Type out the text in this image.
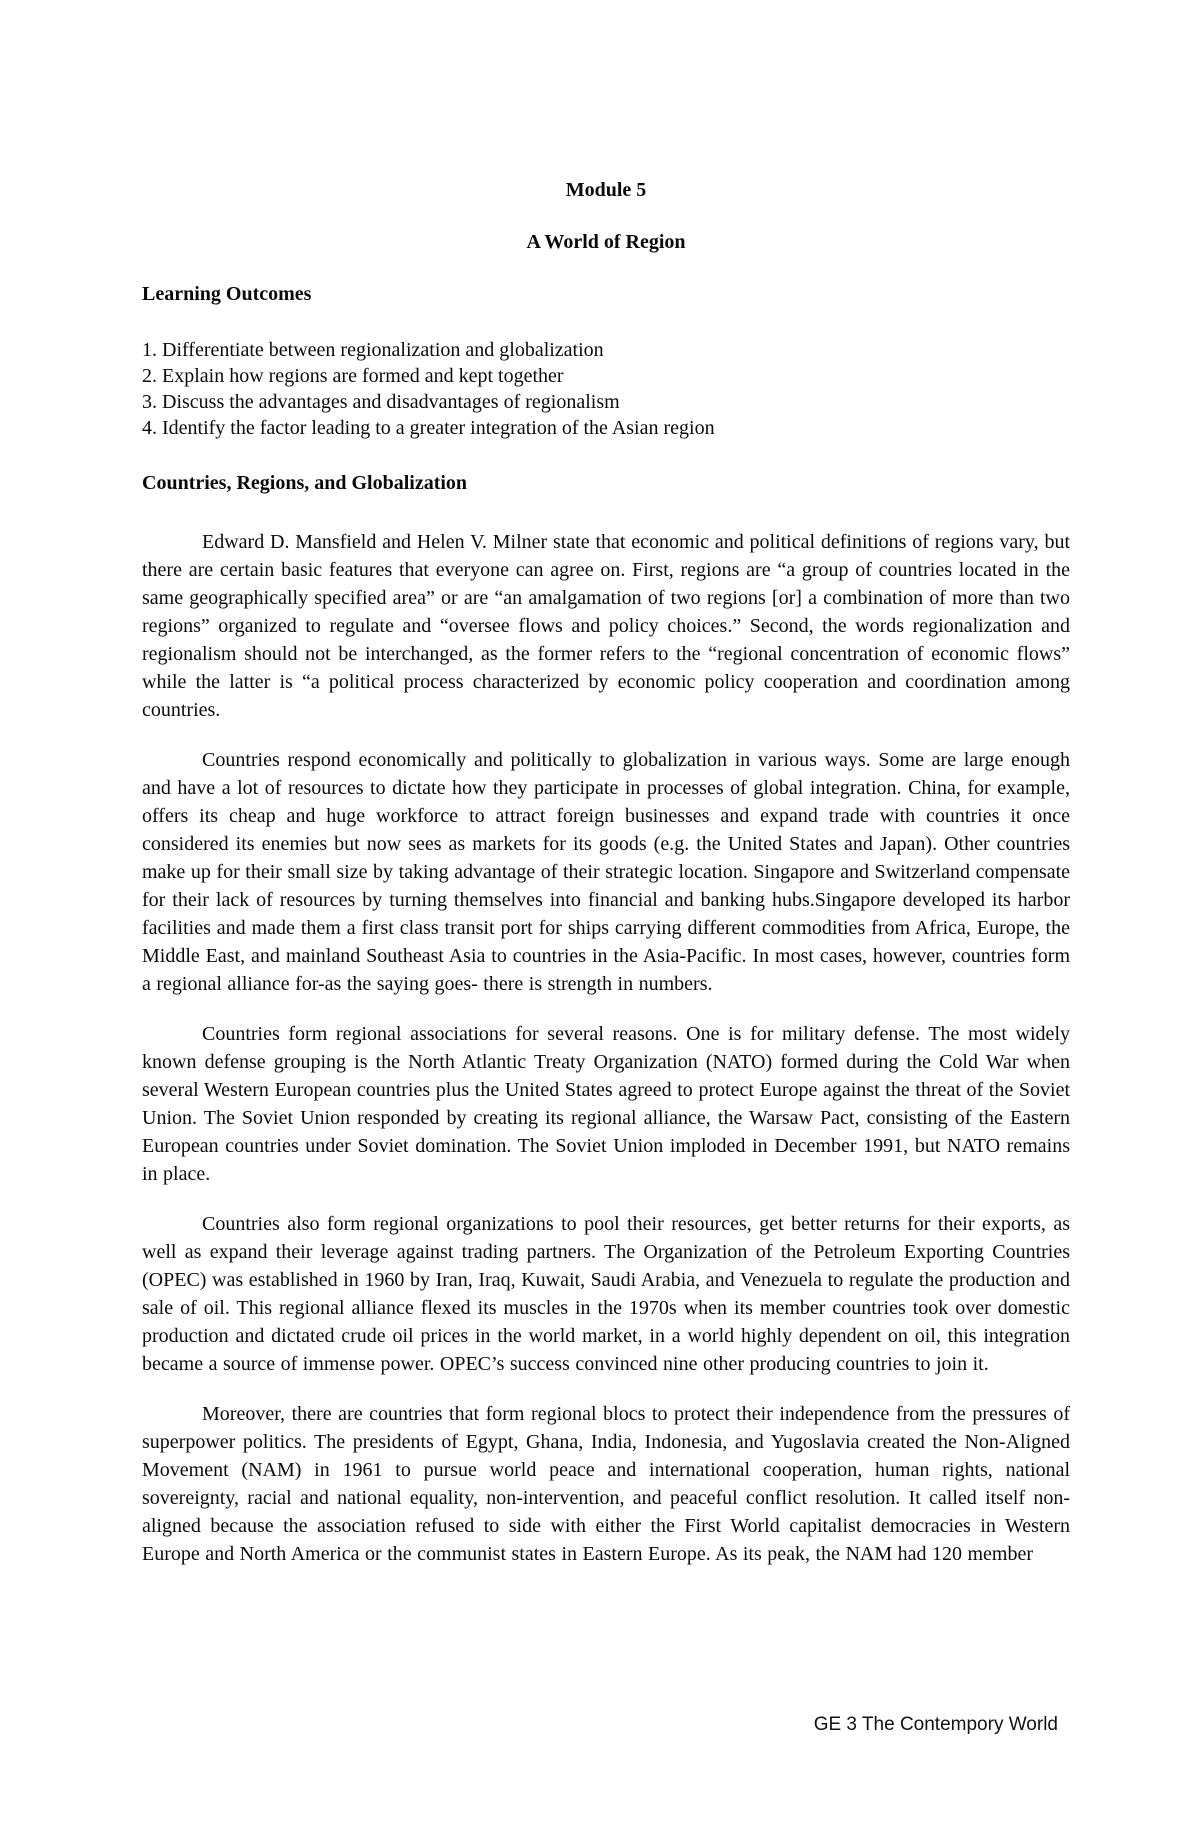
Module 5
A World of Region
Learning Outcomes
1. Differentiate between regionalization and globalization
2. Explain how regions are formed and kept together
3. Discuss the advantages and disadvantages of regionalism
4. Identify the factor leading to a greater integration of the Asian region
Countries, Regions, and Globalization

Edward D. Mansfield and Helen V. Milner state that economic and political definitions of regions vary, but there are certain basic features that everyone can agree on. First, regions are “a group of countries located in the same geographically specified area” or are “an amalgamation of two regions [or] a combination of more than two regions” organized to regulate and “oversee flows and policy choices.” Second, the words regionalization and regionalism should not be interchanged, as the former refers to the “regional concentration of economic flows” while the latter is “a political process characterized by economic policy cooperation and coordination among countries.

Countries respond economically and politically to globalization in various ways. Some are large enough and have a lot of resources to dictate how they participate in processes of global integration. China, for example, offers its cheap and huge workforce to attract foreign businesses and expand trade with countries it once considered its enemies but now sees as markets for its goods (e.g. the United States and Japan). Other countries make up for their small size by taking advantage of their strategic location. Singapore and Switzerland compensate for their lack of resources by turning themselves into financial and banking hubs.Singapore developed its harbor facilities and made them a first class transit port for ships carrying different commodities from Africa, Europe, the Middle East, and mainland Southeast Asia to countries in the Asia-Pacific. In most cases, however, countries form a regional alliance for-as the saying goes- there is strength in numbers.

Countries form regional associations for several reasons. One is for military defense. The most widely known defense grouping is the North Atlantic Treaty Organization (NATO) formed during the Cold War when several Western European countries plus the United States agreed to protect Europe against the threat of the Soviet Union. The Soviet Union responded by creating its regional alliance, the Warsaw Pact, consisting of the Eastern European countries under Soviet domination. The Soviet Union imploded in December 1991, but NATO remains in place.

Countries also form regional organizations to pool their resources, get better returns for their exports, as well as expand their leverage against trading partners. The Organization of the Petroleum Exporting Countries (OPEC) was established in 1960 by Iran, Iraq, Kuwait, Saudi Arabia, and Venezuela to regulate the production and sale of oil. This regional alliance flexed its muscles in the 1970s when its member countries took over domestic production and dictated crude oil prices in the world market, in a world highly dependent on oil, this integration became a source of immense power. OPEC’s success convinced nine other producing countries to join it.

Moreover, there are countries that form regional blocs to protect their independence from the pressures of superpower politics. The presidents of Egypt, Ghana, India, Indonesia, and Yugoslavia created the Non-Aligned Movement (NAM) in 1961 to pursue world peace and international cooperation, human rights, national sovereignty, racial and national equality, non-intervention, and peaceful conflict resolution. It called itself non-aligned because the association refused to side with either the First World capitalist democracies in Western Europe and North America or the communist states in Eastern Europe. As its peak, the NAM had 120 member

GE 3 The Contempory World
